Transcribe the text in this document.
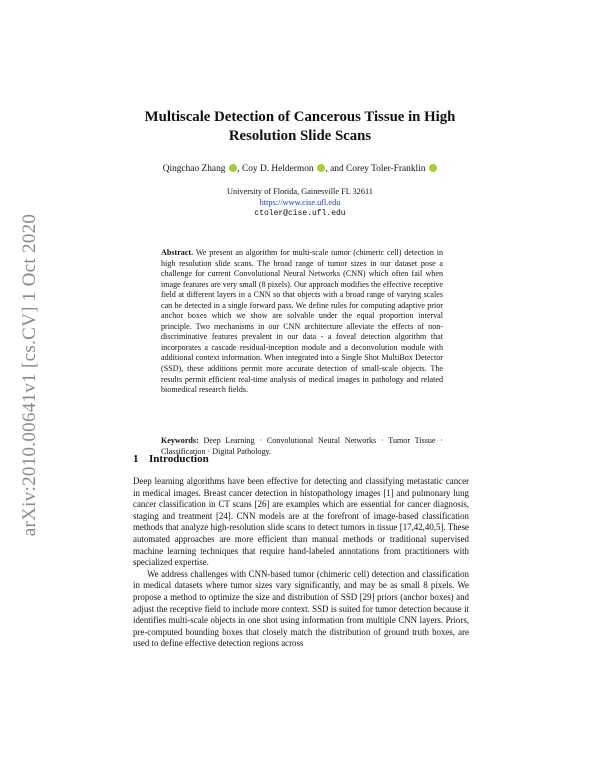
arXiv:2010.00641v1 [cs.CV] 1 Oct 2020
Multiscale Detection of Cancerous Tissue in High
Resolution Slide Scans
Qingchao Zhang , Coy D. Heldermon , and Corey Toler-Franklin
University of Florida, Gainesville FL 32611
https://www.cise.ufl.edu
ctoler@cise.ufl.edu

Abstract. We present an algorithm for multi-scale tumor (chimeric cell) detection in high resolution slide scans. The broad range of tumor sizes in our dataset pose a challenge for current Convolutional Neural Networks (CNN) which often fail when image features are very small (8 pixels). Our approach modifies the effective receptive field at different layers in a CNN so that objects with a broad range of varying scales can be detected in a single forward pass. We define rules for computing adaptive prior anchor boxes which we show are solvable under the equal proportion interval principle. Two mechanisms in our CNN architecture alleviate the effects of non-discriminative features prevalent in our data - a foveal detection algorithm that incorporates a cascade residual-inception module and a deconvolution module with additional context information. When integrated into a Single Shot MultiBox Detector (SSD), these additions permit more accurate detection of small-scale objects. The results permit efficient real-time analysis of medical images in pathology and related biomedical research fields.

Keywords: Deep Learning · Convolutional Neural Networks · Tumor Tissue · Classification · Digital Pathology.

1 Introduction

Deep learning algorithms have been effective for detecting and classifying metastatic cancer in medical images. Breast cancer detection in histopathology images [1] and pulmonary lung cancer classification in CT scans [26] are examples which are essential for cancer diagnosis, staging and treatment [24]. CNN models are at the forefront of image-based classification methods that analyze high-resolution slide scans to detect tumors in tissue [17,42,40,5]. These automated approaches are more efficient than manual methods or traditional supervised machine learning techniques that require hand-labeled annotations from practitioners with specialized expertise.

We address challenges with CNN-based tumor (chimeric cell) detection and classification in medical datasets where tumor sizes vary significantly, and may be as small 8 pixels. We propose a method to optimize the size and distribution of SSD [29] priors (anchor boxes) and adjust the receptive field to include more context. SSD is suited for tumor detection because it identifies multi-scale objects in one shot using information from multiple CNN layers. Priors, pre-computed bounding boxes that closely match the distribution of ground truth boxes, are used to define effective detection regions across
